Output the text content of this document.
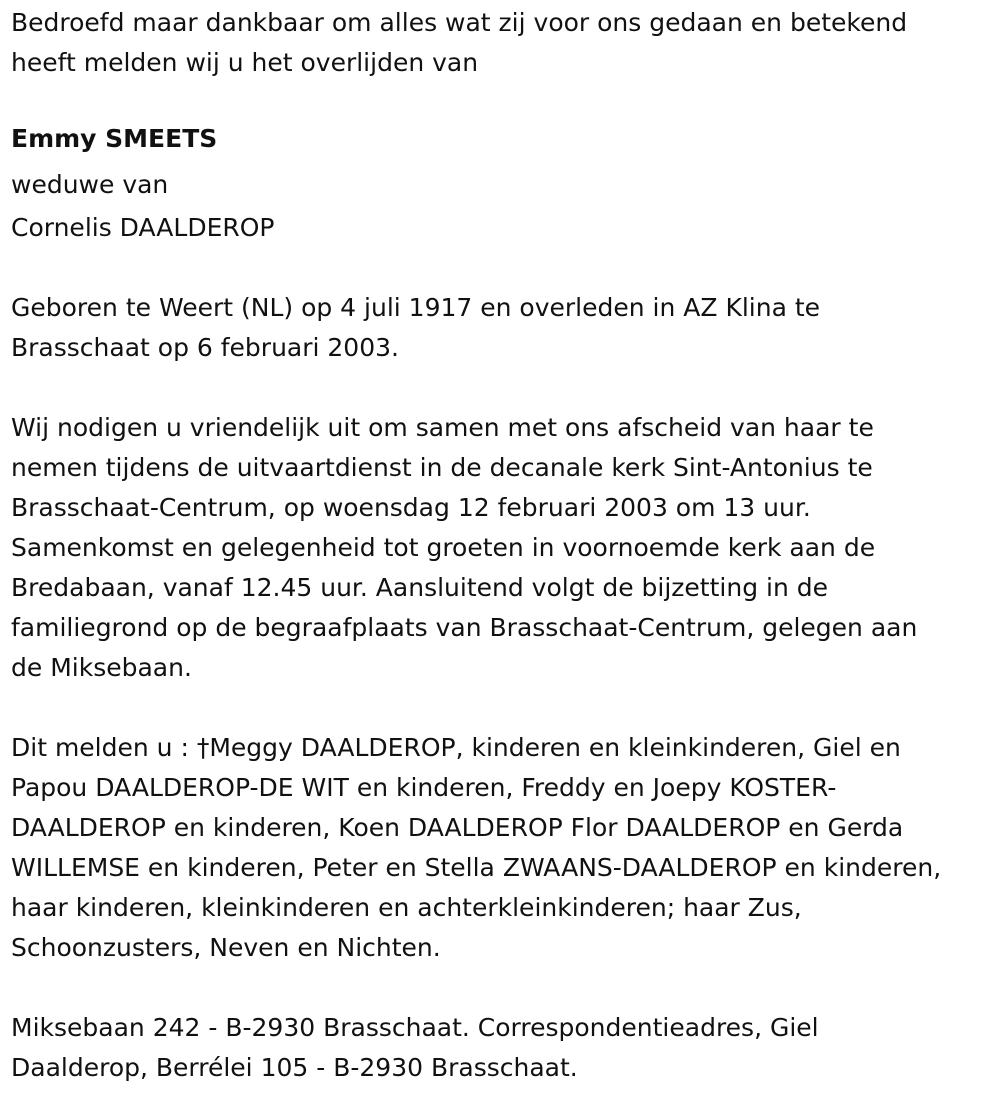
Bedroefd maar dankbaar om alles wat zij voor ons gedaan en betekend
heeft melden wij u het overlijden van

Emmy SMEETS

weduwe van

Cornelis DAALDEROP

Geboren te Weert (NL) op 4 juli 1917 en overleden in AZ Klina te
Brasschaat op 6 februari 2003.

Wij nodigen u vriendelijk uit om samen met ons afscheid van haar te
nemen tijdens de uitvaartdienst in de decanale kerk Sint-Antonius te
Brasschaat-Centrum, op woensdag 12 februari 2003 om 13 uur.
Samenkomst en gelegenheid tot groeten in voornoemde kerk aan de
Bredabaan, vanaf 12.45 uur. Aansluitend volgt de bijzetting in de
familiegrond op de begraafplaats van Brasschaat-Centrum, gelegen aan
de Miksebaan.

Dit melden u : †Meggy DAALDEROP, kinderen en kleinkinderen, Giel en
Papou DAALDEROP-DE WIT en kinderen, Freddy en Joepy KOSTER-
DAALDEROP en kinderen, Koen DAALDEROP Flor DAALDEROP en Gerda
WILLEMSE en kinderen, Peter en Stella ZWAANS-DAALDEROP en kinderen,
haar kinderen, kleinkinderen en achterkleinkinderen; haar Zus,
Schoonzusters, Neven en Nichten.

Miksebaan 242 - B-2930 Brasschaat. Correspondentieadres, Giel
Daalderop, Berrélei 105 - B-2930 Brasschaat.
